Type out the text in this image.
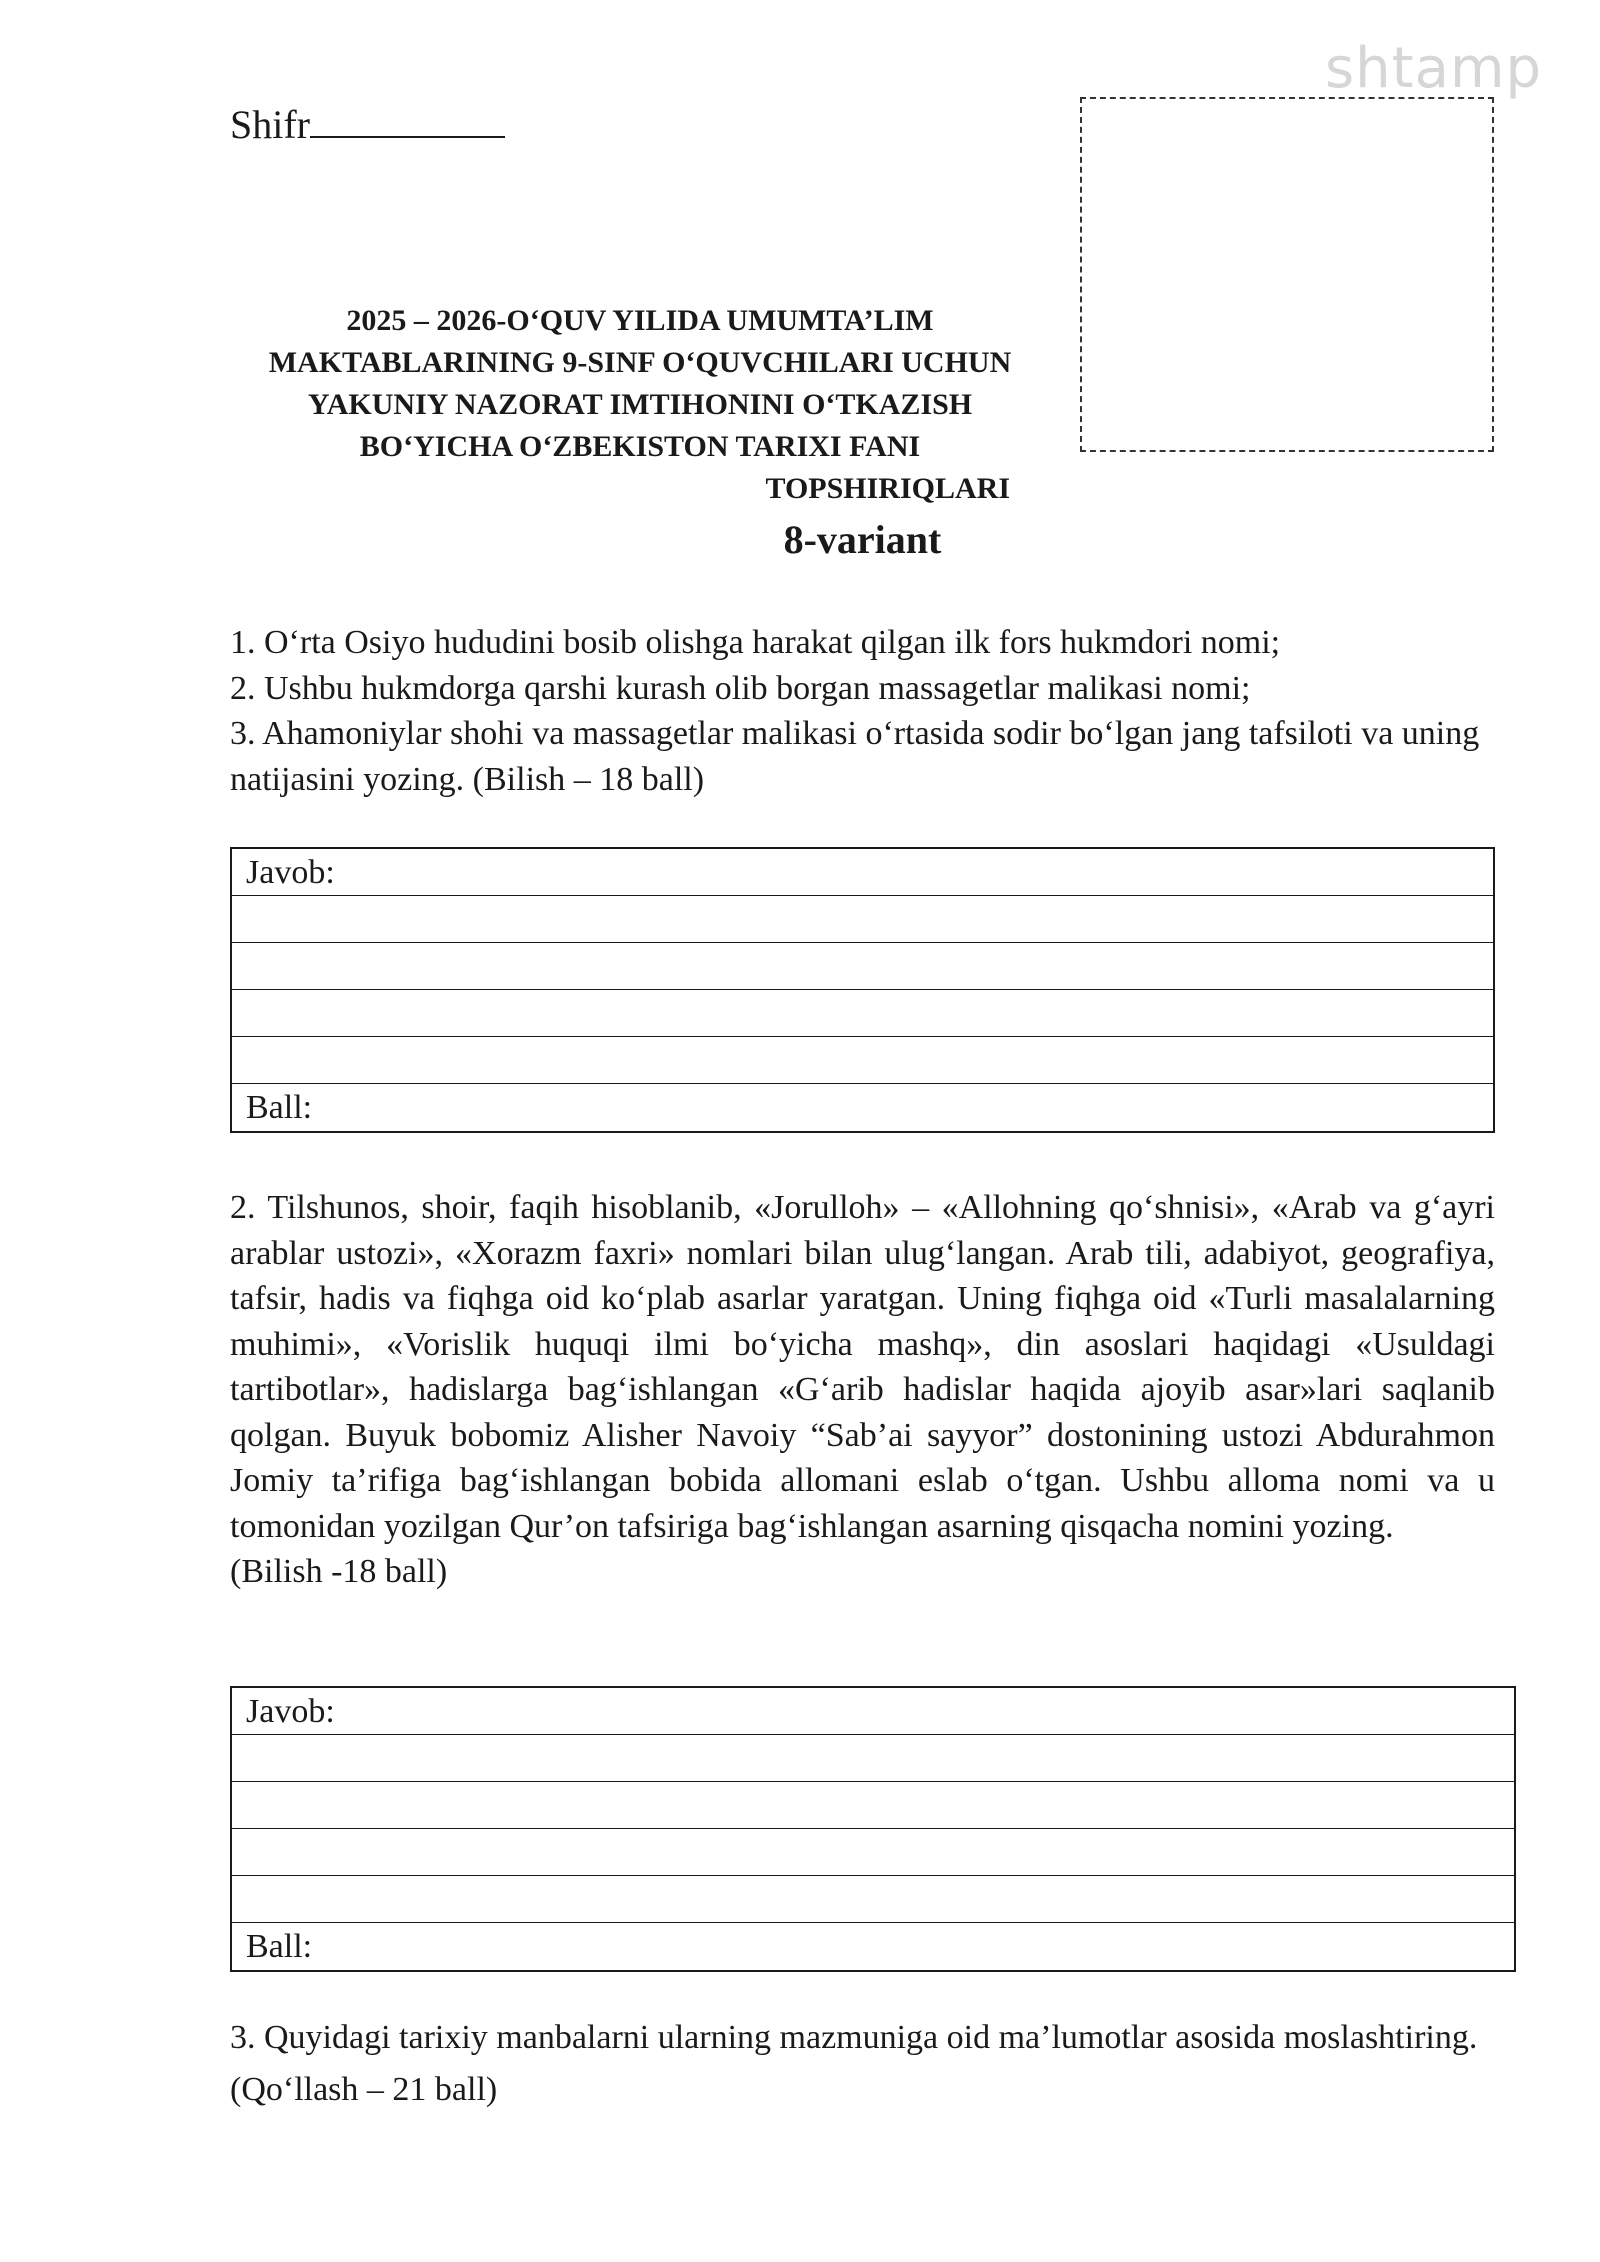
Shifr
shtamp
2025 – 2026-O‘QUV YILIDA UMUMTA’LIM
MAKTABLARINING 9-SINF O‘QUVCHILARI UCHUN
YAKUNIY NAZORAT IMTIHONINI O‘TKAZISH
BO‘YICHA O‘ZBEKISTON TARIXI FANI
TOPSHIRIQLARI
8-variant
1. O‘rta Osiyo hududini bosib olishga harakat qilgan ilk fors hukmdori nomi;
2. Ushbu hukmdorga qarshi kurash olib borgan massagetlar malikasi nomi;
3. Ahamoniylar shohi va massagetlar malikasi o‘rtasida sodir bo‘lgan jang tafsiloti va uning natijasini yozing. (Bilish – 18 ball)
Javob:
Ball:
2. Tilshunos, shoir, faqih hisoblanib, «Jorulloh» – «Allohning qo‘shnisi», «Arab va g‘ayri arablar ustozi», «Xorazm faxri» nomlari bilan ulug‘langan. Arab tili, adabiyot, geografiya, tafsir, hadis va fiqhga oid ko‘plab asarlar yaratgan. Uning fiqhga oid «Turli masalalarning muhimi», «Vorislik huquqi ilmi bo‘yicha mashq», din asoslari haqidagi «Usuldagi tartibotlar», hadislarga bag‘ishlangan «G‘arib hadislar haqida ajoyib asar»lari saqlanib qolgan. Buyuk bobomiz Alisher Navoiy “Sab’ai sayyor” dostonining ustozi Abdurahmon Jomiy ta’rifiga bag‘ishlangan bobida allomani eslab o‘tgan. Ushbu alloma nomi va u tomonidan yozilgan Qur’on tafsiriga bag‘ishlangan asarning qisqacha nomini yozing.
(Bilish -18 ball)
Javob:
Ball:
3. Quyidagi tarixiy manbalarni ularning mazmuniga oid ma’lumotlar asosida moslashtiring. (Qo‘llash – 21 ball)
